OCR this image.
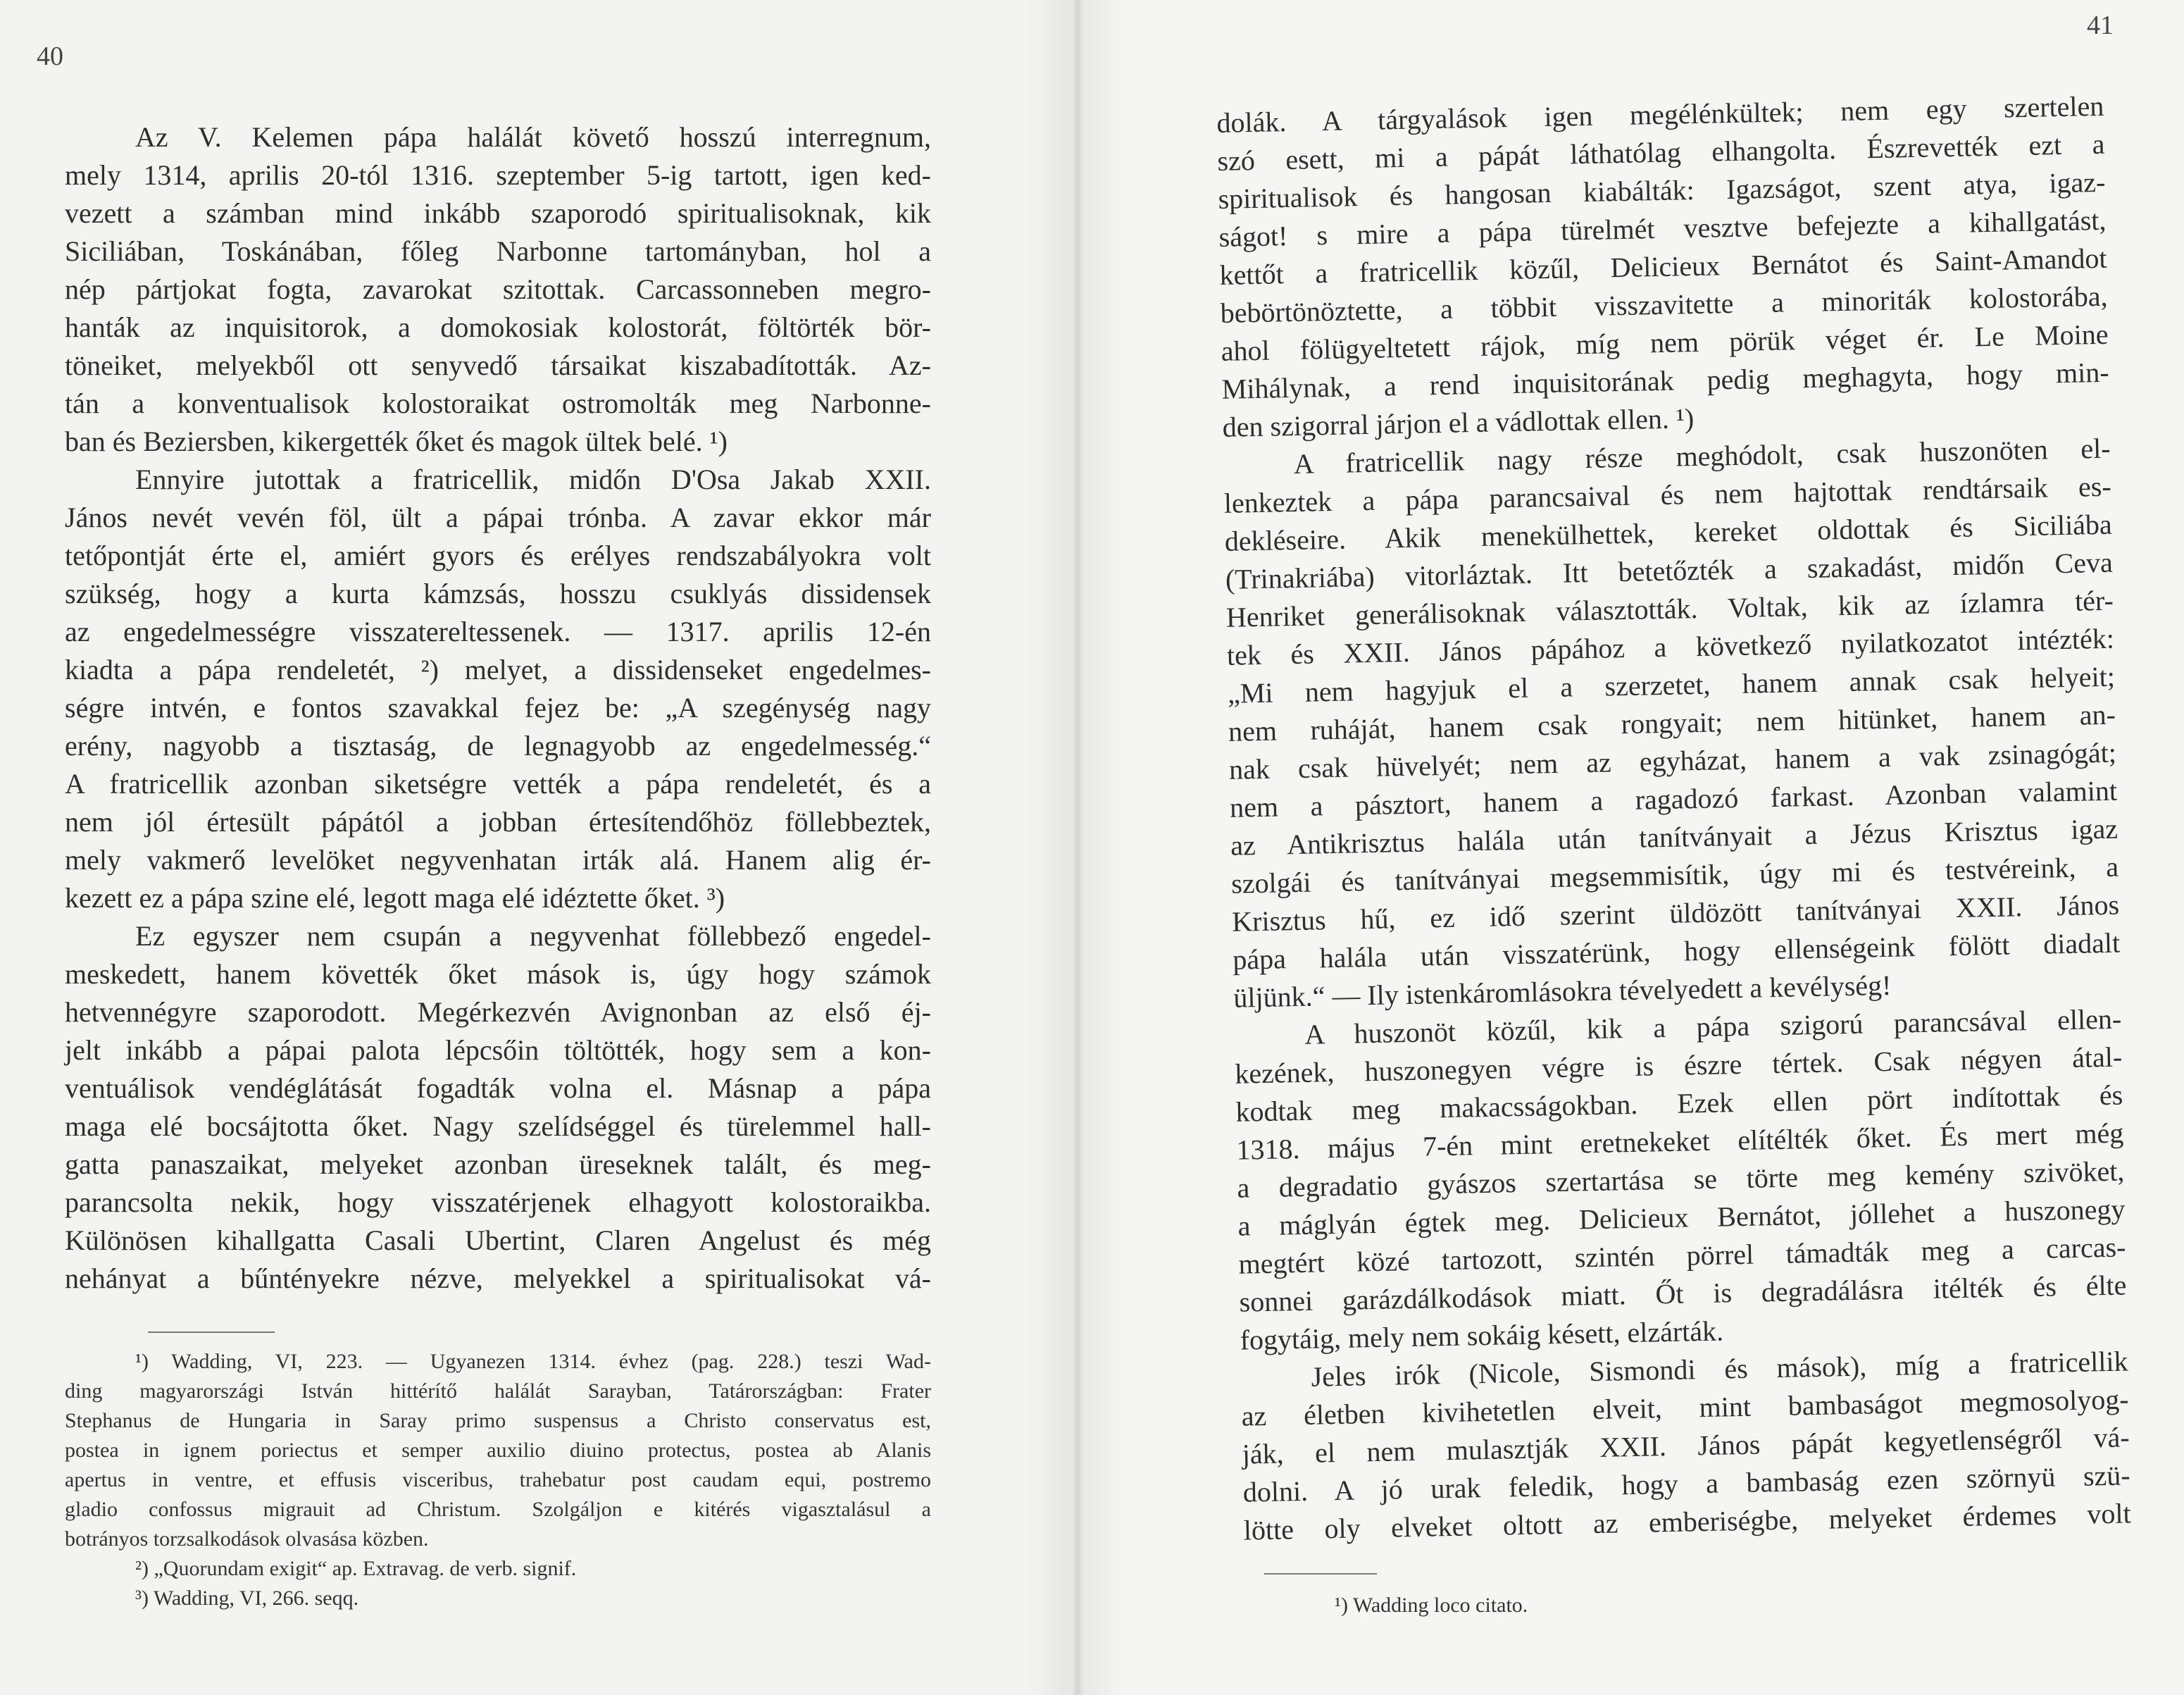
40
Az V. Kelemen pápa halálát követő hosszú interregnum,
mely 1314, aprilis 20-tól 1316. szeptember 5-ig tartott, igen ked-
vezett a számban mind inkább szaporodó spiritualisoknak, kik
Siciliában, Toskánában, főleg Narbonne tartományban, hol a
nép pártjokat fogta, zavarokat szitottak. Carcassonneben megro-
hanták az inquisitorok, a domokosiak kolostorát, föltörték bör-
töneiket, melyekből ott senyvedő társaikat kiszabadították. Az-
tán a konventualisok kolostoraikat ostromolták meg Narbonne-
ban és Beziersben, kikergették őket és magok ültek belé. ¹)
Ennyire jutottak a fratricellik, midőn D'Osa Jakab XXII.
János nevét vevén föl, ült a pápai trónba. A zavar ekkor már
tetőpontját érte el, amiért gyors és erélyes rendszabályokra volt
szükség, hogy a kurta kámzsás, hosszu csuklyás dissidensek
az engedelmességre visszatereltessenek. — 1317. aprilis 12-én
kiadta a pápa rendeletét, ²) melyet, a dissidenseket engedelmes-
ségre intvén, e fontos szavakkal fejez be: „A szegénység nagy
erény, nagyobb a tisztaság, de legnagyobb az engedelmesség.“
A fratricellik azonban siketségre vették a pápa rendeletét, és a
nem jól értesült pápától a jobban értesítendőhöz föllebbeztek,
mely vakmerő levelöket negyvenhatan irták alá. Hanem alig ér-
kezett ez a pápa szine elé, legott maga elé idéztette őket. ³)
Ez egyszer nem csupán a negyvenhat föllebbező engedel-
meskedett, hanem követték őket mások is, úgy hogy számok
hetvennégyre szaporodott. Megérkezvén Avignonban az első éj-
jelt inkább a pápai palota lépcsőin töltötték, hogy sem a kon-
ventuálisok vendéglátását fogadták volna el. Másnap a pápa
maga elé bocsájtotta őket. Nagy szelídséggel és türelemmel hall-
gatta panaszaikat, melyeket azonban üreseknek talált, és meg-
parancsolta nekik, hogy visszatérjenek elhagyott kolostoraikba.
Különösen kihallgatta Casali Ubertint, Claren Angelust és még
nehányat a bűntényekre nézve, melyekkel a spiritualisokat vá-
¹) Wadding, VI, 223. — Ugyanezen 1314. évhez (pag. 228.) teszi Wad-
ding magyarországi István hittérítő halálát Sarayban, Tatárországban: Frater
Stephanus de Hungaria in Saray primo suspensus a Christo conservatus est,
postea in ignem poriectus et semper auxilio diuino protectus, postea ab Alanis
apertus in ventre, et effusis visceribus, trahebatur post caudam equi, postremo
gladio confossus migrauit ad Christum. Szolgáljon e kitérés vigasztalásul a
botrányos torzsalkodások olvasása közben.
²) „Quorundam exigit“ ap. Extravag. de verb. signif.
³) Wadding, VI, 266. seqq.
41
dolák. A tárgyalások igen megélénkültek; nem egy szertelen
szó esett, mi a pápát láthatólag elhangolta. Észrevették ezt a
spiritualisok és hangosan kiabálták: Igazságot, szent atya, igaz-
ságot! s mire a pápa türelmét vesztve befejezte a kihallgatást,
kettőt a fratricellik közűl, Delicieux Bernátot és Saint-Amandot
bebörtönöztette, a többit visszavitette a minoriták kolostorába,
ahol fölügyeltetett rájok, míg nem pörük véget ér. Le Moine
Mihálynak, a rend inquisitorának pedig meghagyta, hogy min-
den szigorral járjon el a vádlottak ellen. ¹)
A fratricellik nagy része meghódolt, csak huszonöten el-
lenkeztek a pápa parancsaival és nem hajtottak rendtársaik es-
dekléseire. Akik menekülhettek, kereket oldottak és Siciliába
(Trinakriába) vitorláztak. Itt betetőzték a szakadást, midőn Ceva
Henriket generálisoknak választották. Voltak, kik az ízlamra tér-
tek és XXII. János pápához a következő nyilatkozatot intézték:
„Mi nem hagyjuk el a szerzetet, hanem annak csak helyeit;
nem ruháját, hanem csak rongyait; nem hitünket, hanem an-
nak csak hüvelyét; nem az egyházat, hanem a vak zsinagógát;
nem a pásztort, hanem a ragadozó farkast. Azonban valamint
az Antikrisztus halála után tanítványait a Jézus Krisztus igaz
szolgái és tanítványai megsemmisítik, úgy mi és testvéreink, a
Krisztus hű, ez idő szerint üldözött tanítványai XXII. János
pápa halála után visszatérünk, hogy ellenségeink fölött diadalt
üljünk.“ — Ily istenkáromlásokra tévelyedett a kevélység!
A huszonöt közűl, kik a pápa szigorú parancsával ellen-
kezének, huszonegyen végre is észre tértek. Csak négyen átal-
kodtak meg makacsságokban. Ezek ellen pört indítottak és
1318. május 7-én mint eretnekeket elítélték őket. És mert még
a degradatio gyászos szertartása se törte meg kemény szivöket,
a máglyán égtek meg. Delicieux Bernátot, jóllehet a huszonegy
megtért közé tartozott, szintén pörrel támadták meg a carcas-
sonnei garázdálkodások miatt. Őt is degradálásra itélték és élte
fogytáig, mely nem sokáig késett, elzárták.
Jeles irók (Nicole, Sismondi és mások), míg a fratricellik
az életben kivihetetlen elveit, mint bambaságot megmosolyog-
ják, el nem mulasztják XXII. János pápát kegyetlenségről vá-
dolni. A jó urak feledik, hogy a bambaság ezen szörnyü szü-
lötte oly elveket oltott az emberiségbe, melyeket érdemes volt
¹) Wadding loco citato.
